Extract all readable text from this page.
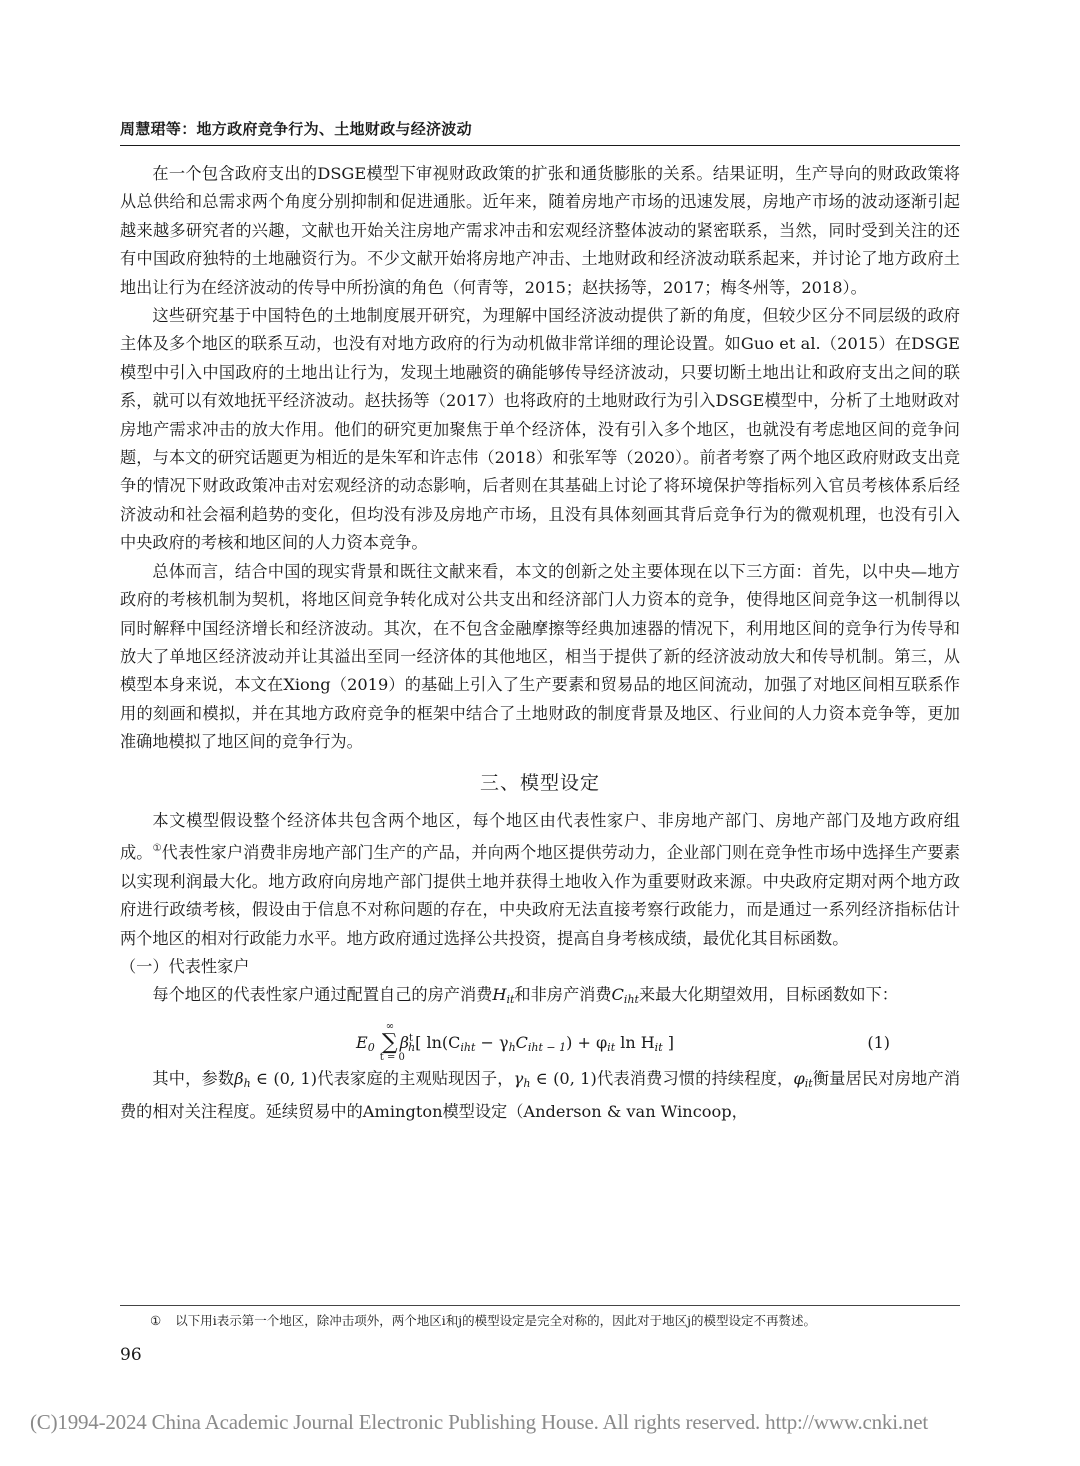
周慧珺等：地方政府竞争行为、土地财政与经济波动

在一个包含政府支出的DSGE模型下审视财政政策的扩张和通货膨胀的关系。结果证明，生产导向的财政政策将从总供给和总需求两个角度分别抑制和促进通胀。近年来，随着房地产市场的迅速发展，房地产市场的波动逐渐引起越来越多研究者的兴趣，文献也开始关注房地产需求冲击和宏观经济整体波动的紧密联系，当然，同时受到关注的还有中国政府独特的土地融资行为。不少文献开始将房地产冲击、土地财政和经济波动联系起来，并讨论了地方政府土地出让行为在经济波动的传导中所扮演的角色（何青等，2015；赵扶扬等，2017；梅冬州等，2018）。

这些研究基于中国特色的土地制度展开研究，为理解中国经济波动提供了新的角度，但较少区分不同层级的政府主体及多个地区的联系互动，也没有对地方政府的行为动机做非常详细的理论设置。如Guo et al.（2015）在DSGE模型中引入中国政府的土地出让行为，发现土地融资的确能够传导经济波动，只要切断土地出让和政府支出之间的联系，就可以有效地抚平经济波动。赵扶扬等（2017）也将政府的土地财政行为引入DSGE模型中，分析了土地财政对房地产需求冲击的放大作用。他们的研究更加聚焦于单个经济体，没有引入多个地区，也就没有考虑地区间的竞争问题，与本文的研究话题更为相近的是朱军和许志伟（2018）和张军等（2020）。前者考察了两个地区政府财政支出竞争的情况下财政政策冲击对宏观经济的动态影响，后者则在其基础上讨论了将环境保护等指标列入官员考核体系后经济波动和社会福利趋势的变化，但均没有涉及房地产市场，且没有具体刻画其背后竞争行为的微观机理，也没有引入中央政府的考核和地区间的人力资本竞争。

总体而言，结合中国的现实背景和既往文献来看，本文的创新之处主要体现在以下三方面：首先，以中央—地方政府的考核机制为契机，将地区间竞争转化成对公共支出和经济部门人力资本的竞争，使得地区间竞争这一机制得以同时解释中国经济增长和经济波动。其次，在不包含金融摩擦等经典加速器的情况下，利用地区间的竞争行为传导和放大了单地区经济波动并让其溢出至同一经济体的其他地区，相当于提供了新的经济波动放大和传导机制。第三，从模型本身来说，本文在Xiong（2019）的基础上引入了生产要素和贸易品的地区间流动，加强了对地区间相互联系作用的刻画和模拟，并在其地方政府竞争的框架中结合了土地财政的制度背景及地区、行业间的人力资本竞争等，更加准确地模拟了地区间的竞争行为。

三、模型设定

本文模型假设整个经济体共包含两个地区，每个地区由代表性家户、非房地产部门、房地产部门及地方政府组成。①代表性家户消费非房地产部门生产的产品，并向两个地区提供劳动力，企业部门则在竞争性市场中选择生产要素以实现利润最大化。地方政府向房地产部门提供土地并获得土地收入作为重要财政来源。中央政府定期对两个地方政府进行政绩考核，假设由于信息不对称问题的存在，中央政府无法直接考察行政能力，而是通过一系列经济指标估计两个地区的相对行政能力水平。地方政府通过选择公共投资，提高自身考核成绩，最优化其目标函数。

（一）代表性家户

每个地区的代表性家户通过配置自己的房产消费$H_{it}$和非房产消费$C_{iht}$来最大化期望效用，目标函数如下：

$E_0$
∞
∑
t = 0
$\beta^t_h$[ $\ln(C_{iht} - \gamma_hC_{iht - 1}) + \varphi_{it}$ $\ln H_{it}$ ]	(1)

其中，参数$\beta_h$ ∈ (0, 1)代表家庭的主观贴现因子，$\gamma_h$ ∈ (0, 1)代表消费习惯的持续程度，$\varphi_{it}$衡量居民对房地产消费的相对关注程度。延续贸易中的Amington模型设定（Anderson & van Wincoop，

① 以下用i表示第一个地区，除冲击项外，两个地区i和j的模型设定是完全对称的，因此对于地区j的模型设定不再赘述。
96
(C)1994-2024 China Academic Journal Electronic Publishing House. All rights reserved. http://www.cnki.net
